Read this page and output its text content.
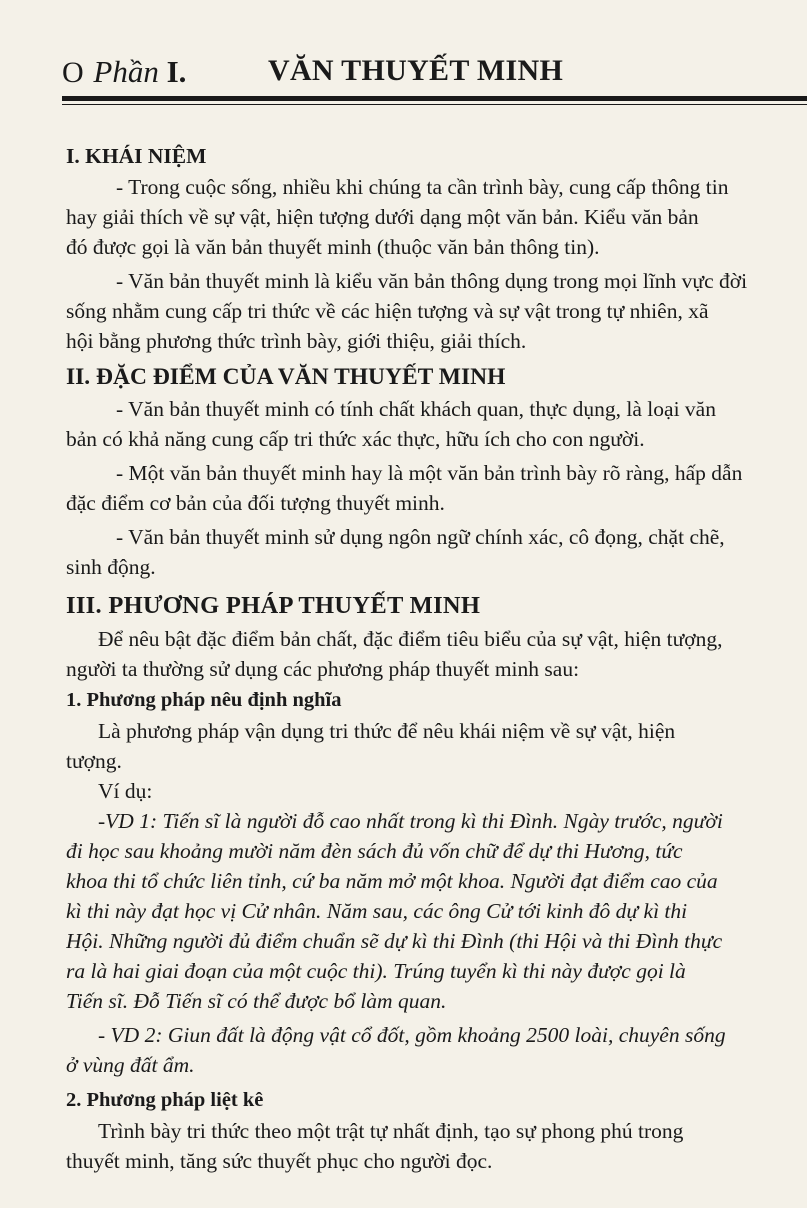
O Phần I.	VĂN THUYẾT MINH
I. KHÁI NIỆM
- Trong cuộc sống, nhiều khi chúng ta cần trình bày, cung cấp thông tin
hay giải thích về sự vật, hiện tượng dưới dạng một văn bản. Kiểu văn bản
đó được gọi là văn bản thuyết minh (thuộc văn bản thông tin).
- Văn bản thuyết minh là kiểu văn bản thông dụng trong mọi lĩnh vực đời
sống nhằm cung cấp tri thức về các hiện tượng và sự vật trong tự nhiên, xã
hội bằng phương thức trình bày, giới thiệu, giải thích.
II. ĐẶC ĐIỂM CỦA VĂN THUYẾT MINH
- Văn bản thuyết minh có tính chất khách quan, thực dụng, là loại văn
bản có khả năng cung cấp tri thức xác thực, hữu ích cho con người.
- Một văn bản thuyết minh hay là một văn bản trình bày rõ ràng, hấp dẫn
đặc điểm cơ bản của đối tượng thuyết minh.
- Văn bản thuyết minh sử dụng ngôn ngữ chính xác, cô đọng, chặt chẽ,
sinh động.
III. PHƯƠNG PHÁP THUYẾT MINH
Để nêu bật đặc điểm bản chất, đặc điểm tiêu biểu của sự vật, hiện tượng,
người ta thường sử dụng các phương pháp thuyết minh sau:
1. Phương pháp nêu định nghĩa
Là phương pháp vận dụng tri thức để nêu khái niệm về sự vật, hiện
tượng.
Ví dụ:
-VD 1: Tiến sĩ là người đỗ cao nhất trong kì thi Đình. Ngày trước, người
đi học sau khoảng mười năm đèn sách đủ vốn chữ để dự thi Hương, tức
khoa thi tổ chức liên tỉnh, cứ ba năm mở một khoa. Người đạt điểm cao của
kì thi này đạt học vị Cử nhân. Năm sau, các ông Cử tới kinh đô dự kì thi
Hội. Những người đủ điểm chuẩn sẽ dự kì thi Đình (thi Hội và thi Đình thực
ra là hai giai đoạn của một cuộc thi). Trúng tuyển kì thi này được gọi là
Tiến sĩ. Đỗ Tiến sĩ có thể được bổ làm quan.
- VD 2: Giun đất là động vật cổ đốt, gồm khoảng 2500 loài, chuyên sống
ở vùng đất ẩm.
2. Phương pháp liệt kê
Trình bày tri thức theo một trật tự nhất định, tạo sự phong phú trong
thuyết minh, tăng sức thuyết phục cho người đọc.
